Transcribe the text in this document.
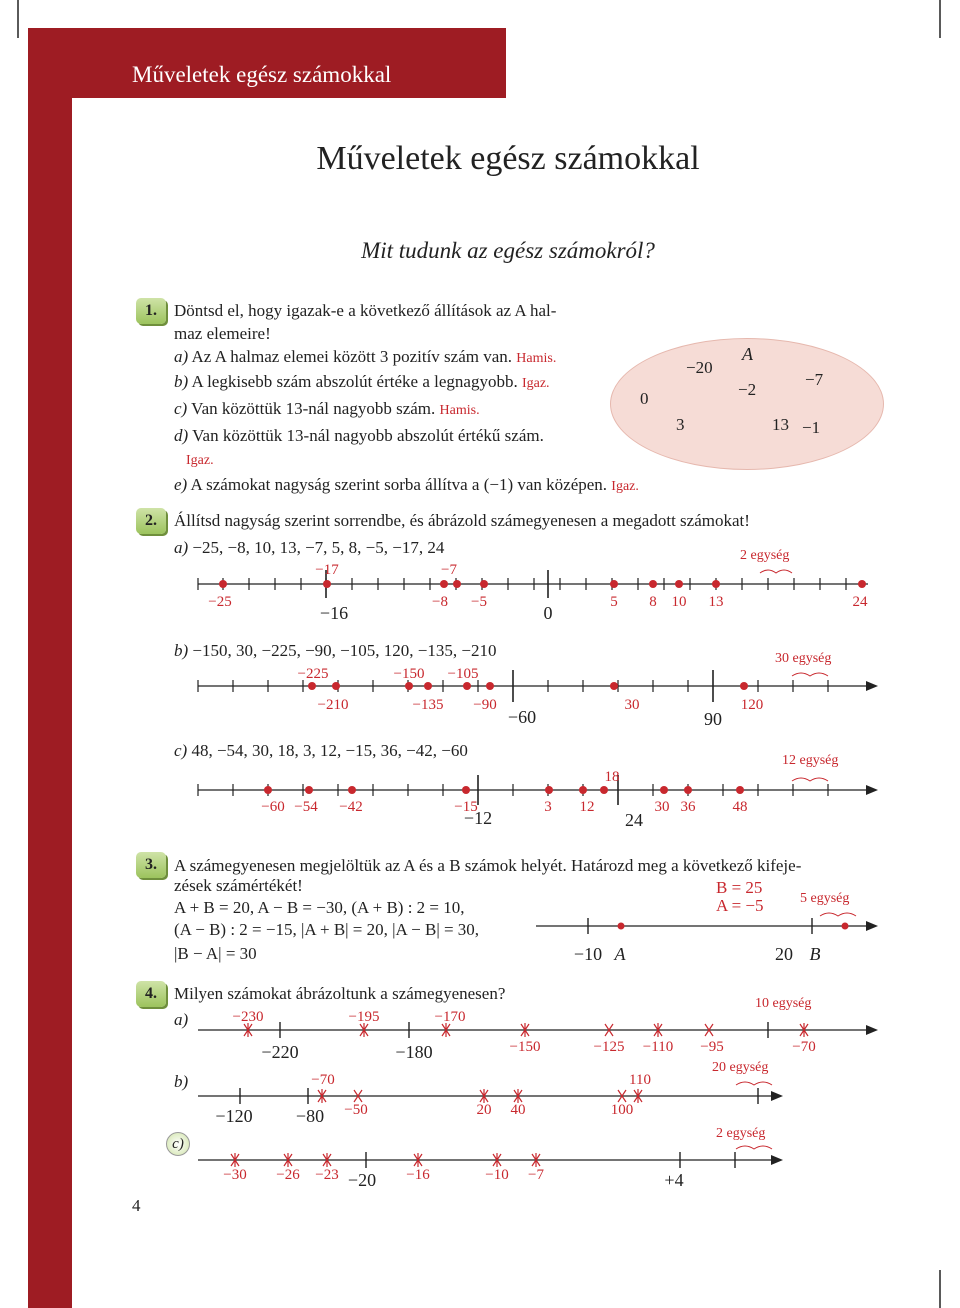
Műveletek egész számokkal
Műveletek egész számokkal
Mit tudunk az egész számokról?
1.	Döntsd el, hogy igazak-e a következő állítások az A hal-
maz elemeire!
a) Az A halmaz elemei között 3 pozitív szám van. Hamis.
b) A legkisebb szám abszolút értéke a legnagyobb. Igaz.
c) Van közöttük 13-nál nagyobb szám. Hamis.
d) Van közöttük 13-nál nagyobb abszolút értékű szám.
Igaz.
e) A számokat nagyság szerint sorba állítva a (−1) van középen. Igaz.
A
−20
−2
−7
0
3	13 −1
2.	Állítsd nagyság szerint sorrendbe, és ábrázold számegyenesen a megadott számokat!
a) −25, −8, 10, 13, −7, 5, 8, −5, −17, 24	2 egység
−17	−7
−25	−8 −5	5 8 10 13	24
−16	0
b) −150, 30, −225, −90, −105, 120, −135, −210	30 egység
−225	−150 −105
−210	−135 −90	30	120
−60	90
c) 48, −54, 30, 18, 3, 12, −15, 36, −42, −60
12 egység
18
−60 −54 −42	−15	3 12	30 36 48
−12	24
3.	A számegyenesen megjelöltük az A és a B számok helyét. Határozd meg a következő kifeje-
zések számértékét!	B = 25
A = −5	5 egység
A + B = 20, A − B = −30, (A + B) : 2 = 10,
(A − B) : 2 = −15, |A + B| = 20, |A − B| = 30,
|B − A| = 30	−10 A	20 B
4.	Milyen számokat ábrázoltunk a számegyenesen?
a)
10 egység
−230	−195	−170
−220	−180	−150	−125 −110 −95	−70
b)
20 egység
−70	110
−120 −80 −50	20 40	100
c)
2 egység
−30 −26 −23	−16	−10 −7
−20	+4
4
